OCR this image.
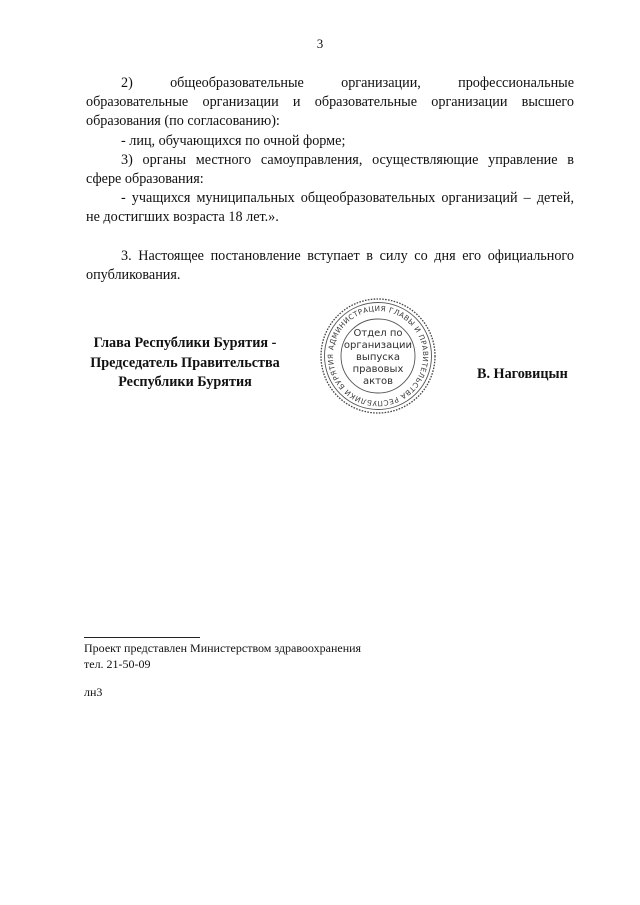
3

2) общеобразовательные организации, профессиональные образовательные организации и образовательные организации высшего образования (по согласованию):

- лиц, обучающихся по очной форме;

3) органы местного самоуправления, осуществляющие управление в сфере образования:

- учащихся муниципальных общеобразовательных организаций – детей, не достигших возраста 18 лет.».

3. Настоящее постановление вступает в силу со дня его официального опубликования.

Глава Республики Бурятия -
Председатель Правительства
Республики Бурятия
АДМИНИСТРАЦИЯ ГЛАВЫ И ПРАВИТЕЛЬСТВА РЕСПУБЛИКИ БУРЯТИЯ
Отдел по
организации
выпуска
правовых
актов	В. Наговицын
Проект представлен Министерством здравоохранения
тел. 21-50-09
лн3
